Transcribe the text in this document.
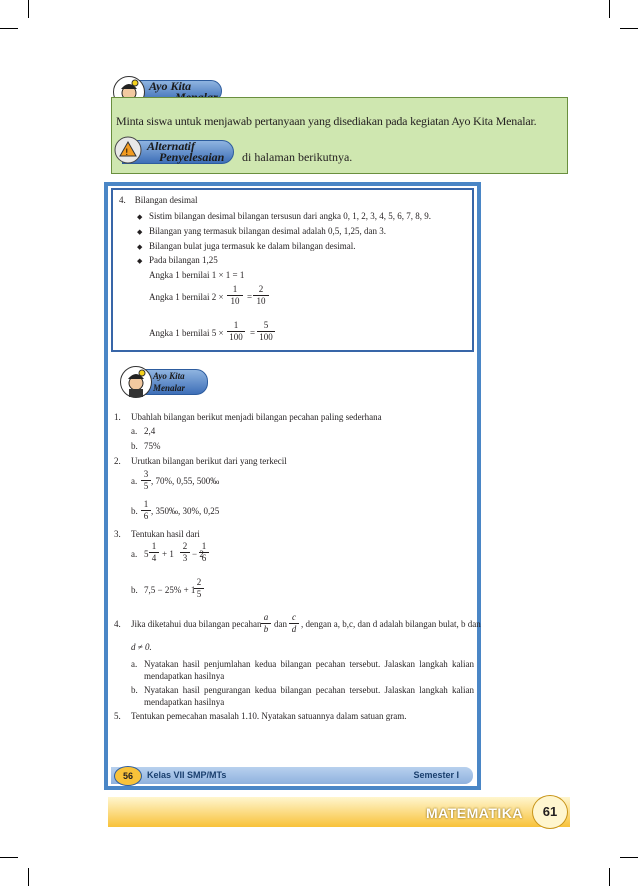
Ayo Kita
Minta siswa untuk menjawab pertanyaan yang disediakan pada kegiatan Ayo Kita Menalar.
Alternatif
Penyelesaian
!	di halaman berikutnya.
4.    Bilangan desimal
◆ Sistim bilangan desimal bilangan tersusun dari angka 0, 1, 2, 3, 4, 5, 6, 7, 8, 9.
◆ Bilangan yang termasuk bilangan desimal adalah 0,5, 1,25, dan 3.
◆ Bilangan bulat juga termasuk ke dalam bilangan desimal.
◆ Pada bilangan 1,25
Angka 1 bernilai 1 × 1 = 1
Angka 1 bernilai $2 \times \frac{1}{10} = \frac{2}{10}$
Angka 1 bernilai $5 \times \frac{1}{100} = \frac{5}{100}$
Ayo Kita
Menalar
1. Ubahlah bilangan berikut menjadi bilangan pecahan paling sederhana
a. 2,4
b. 75%
2. Urutkan bilangan berikut dari yang terkecil
a. $\frac{3}{5}$ , 70%, 0,55, 500‰
b. $\frac{1}{6}$ , 350‰, 30%, 0,25
3. Tentukan hasil dari
a. $5 \frac{1}{4} + 1 \frac{2}{3} - 2$
$\frac{1}{6}$
b. 7,5 − 25% + 1
$\frac{2}{5}$
4. Jika diketahui dua bilangan pecahan $\frac{a}{b}$ dan $\frac{c}{d}$ , dengan a, b,c, dan d adalah bilangan bulat, b dan
d ≠ 0.
a. Nyatakan hasil penjumlahan kedua bilangan pecahan tersebut. Jalaskan langkah kalian mendapatkan hasilnya
b. Nyatakan hasil pengurangan kedua bilangan pecahan tersebut. Jalaskan langkah kalian mendapatkan hasilnya
5. Tentukan pemecahan masalah 1.10. Nyatakan satuannya dalam satuan gram.
56	Kelas VII SMP/MTs	Semester I
MATEMATIKA	61
